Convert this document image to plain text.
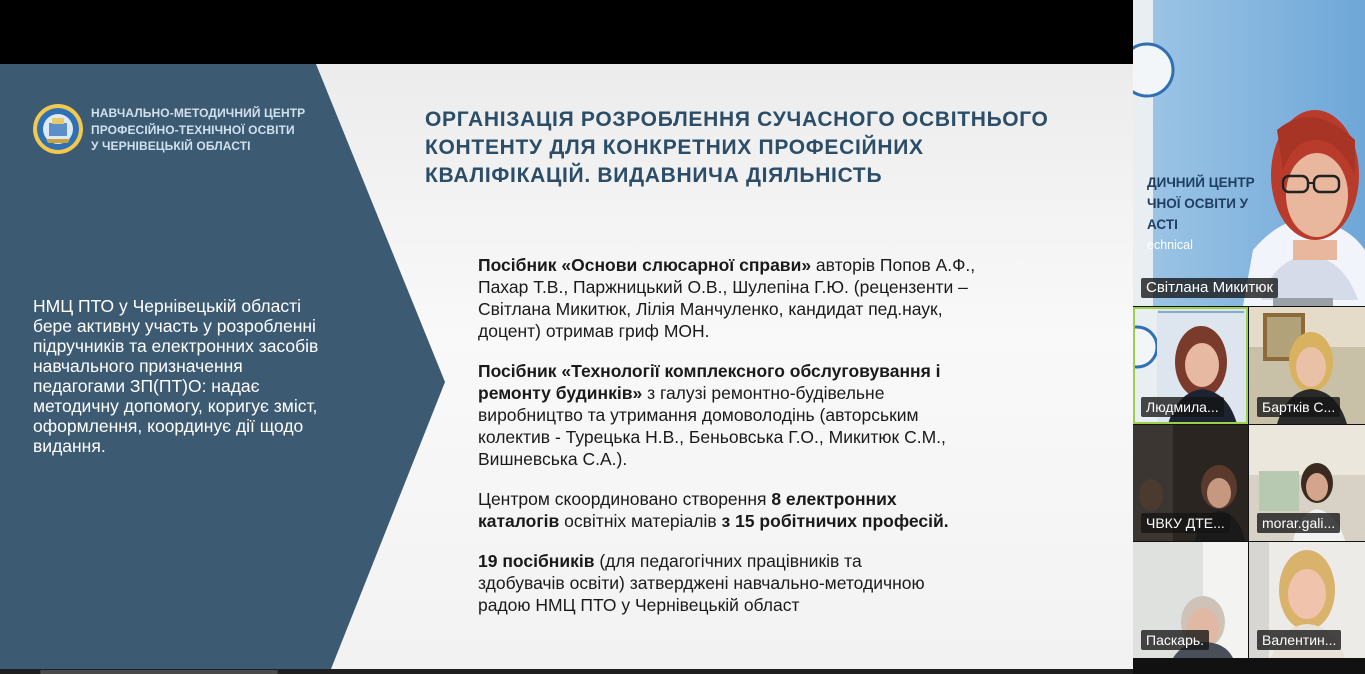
НАВЧАЛЬНО-МЕТОДИЧНИЙ ЦЕНТР
ПРОФЕСІЙНО-ТЕХНІЧНОЇ ОСВІТИ
У ЧЕРНІВЕЦЬКІЙ ОБЛАСТІ
НМЦ ПТО у Чернівецькій області
бере активну участь у розробленні
підручників та електронних засобів
навчального призначення
педагогами ЗП(ПТ)О: надає
методичну допомогу, коригує зміст,
оформлення, координує дії щодо
видання.
ОРГАНІЗАЦІЯ РОЗРОБЛЕННЯ СУЧАСНОГО ОСВІТНЬОГО
КОНТЕНТУ ДЛЯ КОНКРЕТНИХ ПРОФЕСІЙНИХ
КВАЛІФІКАЦІЙ. ВИДАВНИЧА ДІЯЛЬНІСТЬ

Посібник «Основи слюсарної справи» авторів Попов А.Ф.,
Пахар Т.В., Паржницький О.В., Шулепіна Г.Ю. (рецензенти –
Світлана Микитюк, Лілія Манчуленко, кандидат пед.наук,
доцент) отримав гриф МОН.

Посібник «Технології комплексного обслуговування і
ремонту будинків» з галузі ремонтно-будівельне
виробництво та утримання домоволодінь (авторським
колектив - Турецька Н.В., Беньовська Г.О., Микитюк С.М.,
Вишневська С.А.).

Центром скоординовано створення 8 електронних
каталогів освітніх матеріалів з 15 робітничих професій.

19 посібників (для педагогічних працівників та
здобувачів освіти) затверджені навчально-методичною
радою НМЦ ПТО у Чернівецькій област

ДИЧНИЙ ЦЕНТР
ЧНОЇ ОСВІТИ У
АСТІ
echnical
Світлана Микитюк
Людмила...	Бартків С...
ЧВКУ ДТЕ...	morar.gali...
Паскарь.	Валентин...
